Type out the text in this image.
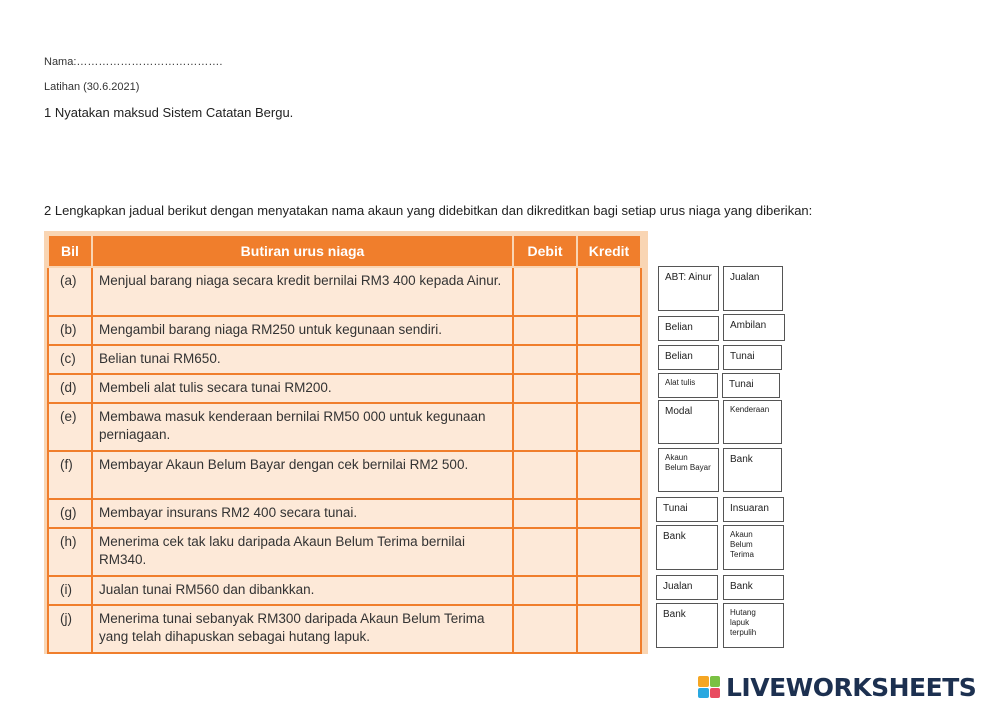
Nama:………………………………….
Latihan (30.6.2021)
1 Nyatakan maksud Sistem Catatan Bergu.
2 Lengkapkan jadual berikut dengan menyatakan nama akaun yang didebitkan dan dikreditkan bagi setiap urus niaga yang diberikan:
Bil	Butiran urus niaga	Debit	Kredit
(a)	Menjual barang niaga secara kredit bernilai RM3 400 kepada Ainur.		
(b)	Mengambil barang niaga RM250 untuk kegunaan sendiri.		
(c)	Belian tunai RM650.		
(d)	Membeli alat tulis secara tunai RM200.		
(e)	Membawa masuk kenderaan bernilai RM50 000 untuk kegunaan perniagaan.		
(f)	Membayar Akaun Belum Bayar dengan cek bernilai RM2 500.		
(g)	Membayar insurans RM2 400 secara tunai.		
(h)	Menerima cek tak laku daripada Akaun Belum Terima bernilai RM340.		
(i)	Jualan tunai RM560 dan dibankkan.		
(j)	Menerima tunai sebanyak RM300 daripada Akaun Belum Terima yang telah dihapuskan sebagai hutang lapuk.		
ABT: Ainur	Jualan
Belian	Ambilan
Belian	Tunai
Alat tulis	Tunai
Modal	Kenderaan
Akaun Belum Bayar
Bank
Tunai	Insuaran
Bank	Akaun Belum Terima
Jualan	Bank
Bank	Hutang lapuk terpulih
LIVEWORKSHEETS
